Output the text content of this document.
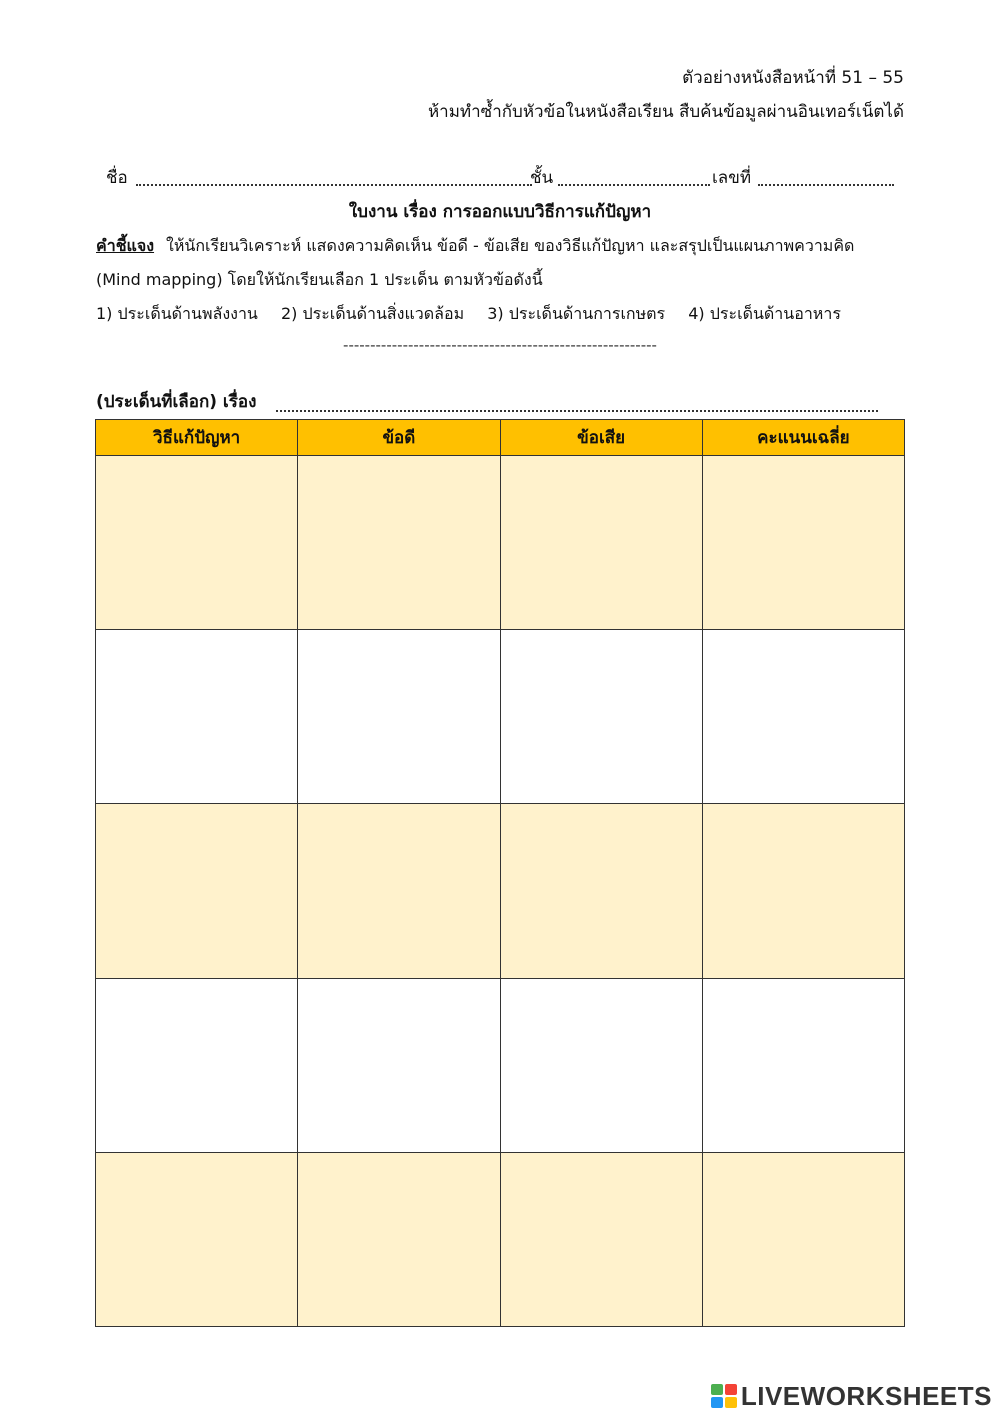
ตัวอย่างหนังสือหน้าที่ 51 – 55
ห้ามทำซ้ำกับหัวข้อในหนังสือเรียน สืบค้นข้อมูลผ่านอินเทอร์เน็ตได้
ชื่อ	ชั้น	เลขที่
ใบงาน เรื่อง การออกแบบวิธีการแก้ปัญหา
คำชี้แจง ให้นักเรียนวิเคราะห์ แสดงความคิดเห็น ข้อดี - ข้อเสีย ของวิธีแก้ปัญหา และสรุปเป็นแผนภาพความคิด
(Mind mapping) โดยให้นักเรียนเลือก 1 ประเด็น ตามหัวข้อดังนี้
1) ประเด็นด้านพลังงาน 2) ประเด็นด้านสิ่งแวดล้อม 3) ประเด็นด้านการเกษตร 4) ประเด็นด้านอาหาร
----------------------------------------------------------
(ประเด็นที่เลือก) เรื่อง
วิธีแก้ปัญหา	ข้อดี	ข้อเสีย	คะแนนเฉลี่ย

LIVEWORKSHEETS
